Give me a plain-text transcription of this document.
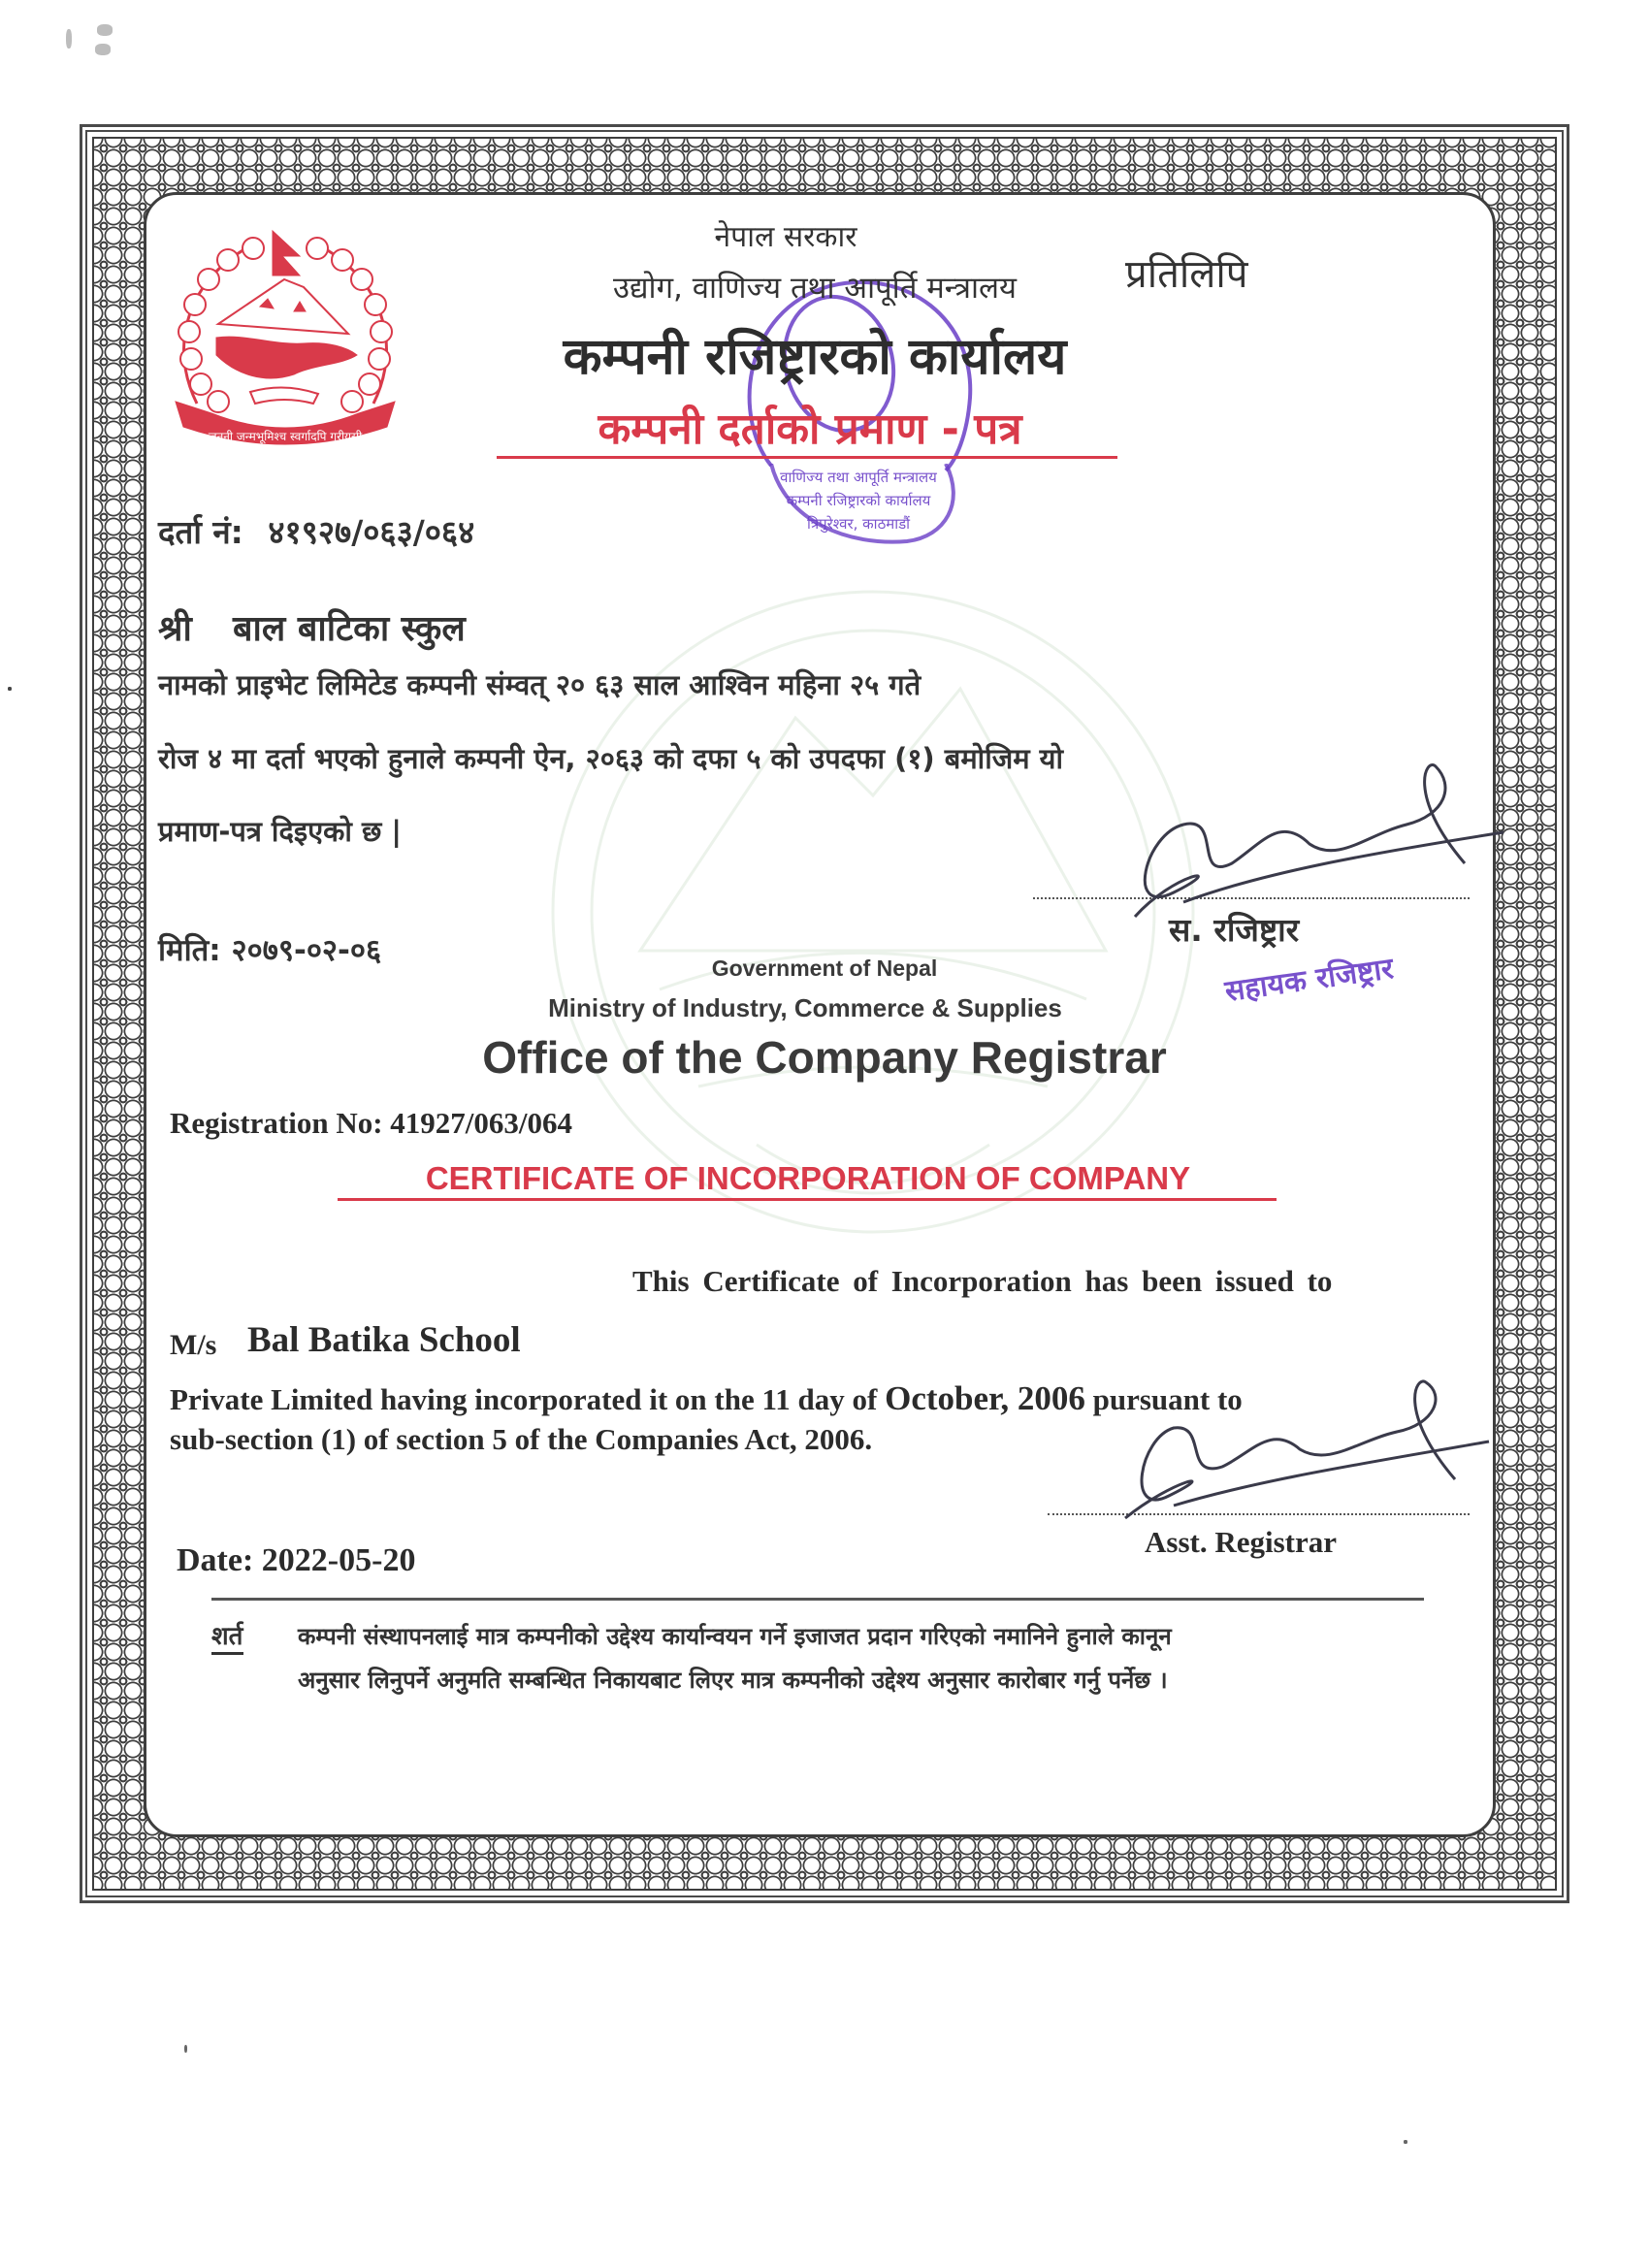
जननी जन्मभूमिश्च स्वर्गादपि गरीयसी
नेपाल सरकार
उद्योग, वाणिज्य तथा आपूर्ति मन्त्रालय
कम्पनी रजिष्ट्रारको कार्यालय
कम्पनी दर्ताको प्रमाण - पत्र
प्रतिलिपि
वाणिज्य तथा आपूर्ति मन्त्रालय
कम्पनी रजिष्ट्रारको कार्यालय
त्रिपुरेश्वर, काठमाडौं
दर्ता नं: ४१९२७/०६३/०६४
श्री बाल बाटिका स्कुल
नामको प्राइभेट लिमिटेड कम्पनी संम्वत् २० ६३ साल आश्विन महिना २५ गते
रोज ४ मा दर्ता भएको हुनाले कम्पनी ऐन, २०६३ को दफा ५ को उपदफा (१) बमोजिम यो
प्रमाण-पत्र दिइएको छ |
मिति: २०७९-०२-०६
स. रजिष्ट्रार
सहायक रजिष्ट्रार
Government of Nepal
Ministry of Industry, Commerce & Supplies
Office of the Company Registrar
Registration No: 41927/063/064
CERTIFICATE OF INCORPORATION OF COMPANY
This Certificate of Incorporation has been issued to
M/s Bal Batika School
Private Limited having incorporated it on the 11 day of October, 2006 pursuant to
sub-section (1) of section 5 of the Companies Act, 2006.
Asst. Registrar
Date: 2022-05-20
शर्त कम्पनी संस्थापनलाई मात्र कम्पनीको उद्देश्य कार्यान्वयन गर्ने इजाजत प्रदान गरिएको नमानिने हुनाले कानून
अनुसार लिनुपर्ने अनुमति सम्बन्धित निकायबाट लिएर मात्र कम्पनीको उद्देश्य अनुसार कारोबार गर्नु पर्नेछ ।
